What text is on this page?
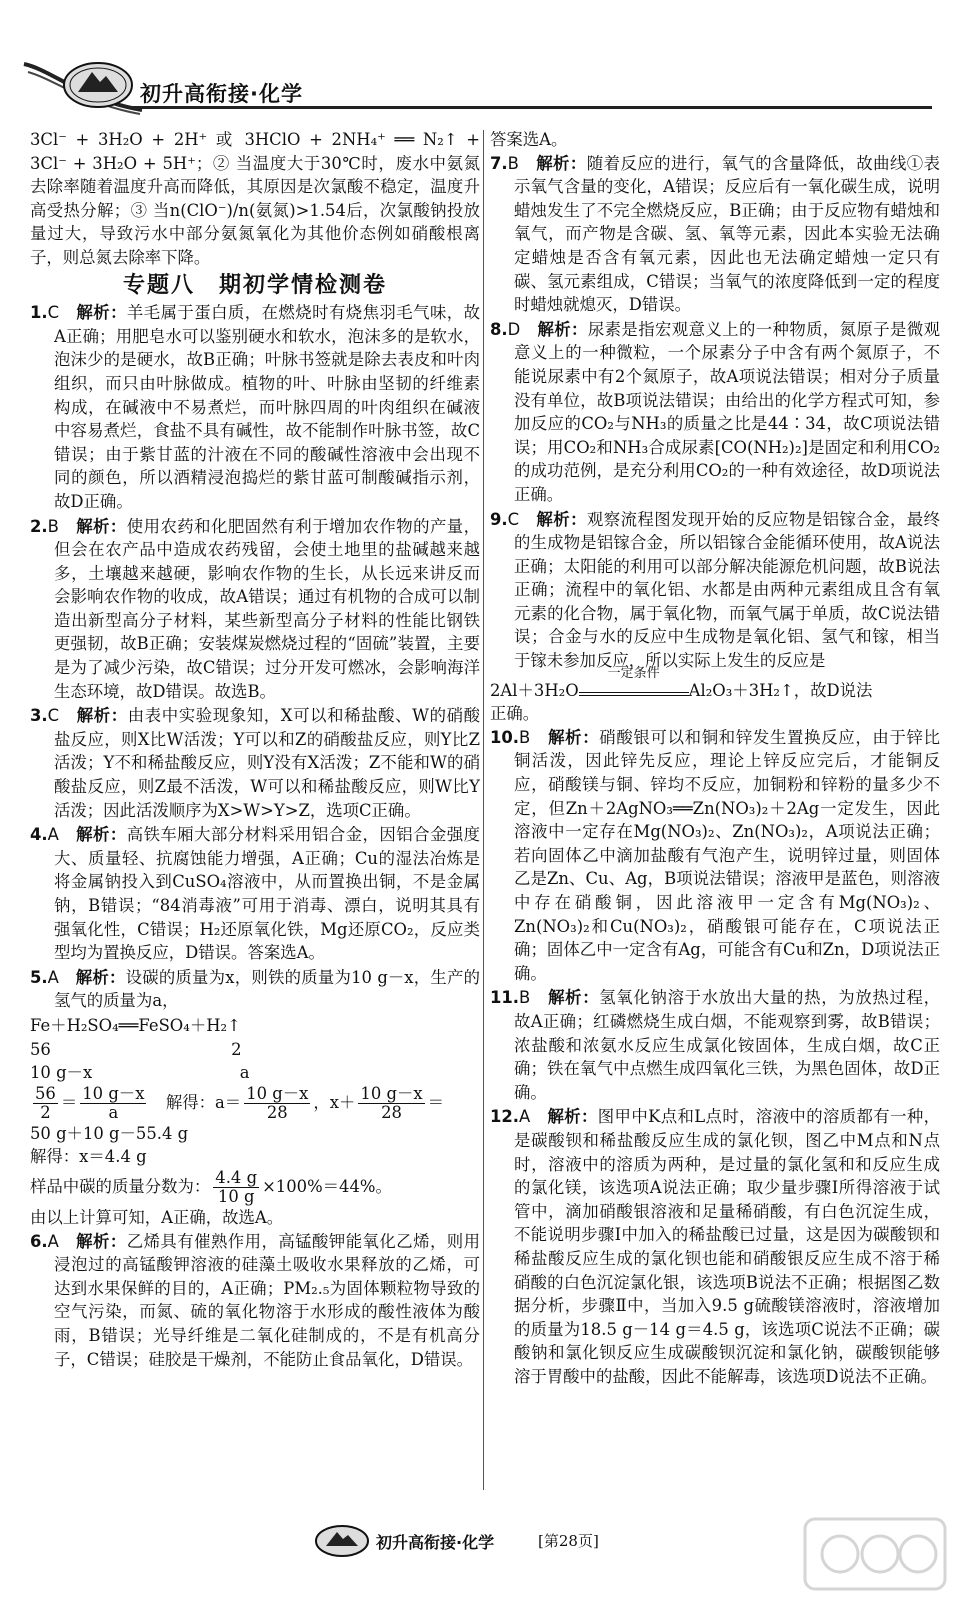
初升高衔接·化学

3Cl⁻ + 3H₂O + 2H⁺ 或 3HClO + 2NH₄⁺ ══ N₂↑ + 3Cl⁻ + 3H₂O + 5H⁺；② 当温度大于30℃时，废水中氨氮去除率随着温度升高而降低，其原因是次氯酸不稳定，温度升高受热分解；③ 当n(ClO⁻)/n(氨氮)>1.54后，次氯酸钠投放量过大，导致污水中部分氨氮氧化为其他价态例如硝酸根离子，则总氮去除率下降。

专题八　期初学情检测卷
1.C　 解析：羊毛属于蛋白质，在燃烧时有烧焦羽毛气味，故A正确；用肥皂水可以鉴别硬水和软水，泡沫多的是软水，泡沫少的是硬水，故B正确；叶脉书签就是除去表皮和叶肉组织，而只由叶脉做成。植物的叶、叶脉由坚韧的纤维素构成，在碱液中不易煮烂，而叶脉四周的叶肉组织在碱液中容易煮烂，食盐不具有碱性，故不能制作叶脉书签，故C错误；由于紫甘蓝的汁液在不同的酸碱性溶液中会出现不同的颜色，所以酒精浸泡捣烂的紫甘蓝可制酸碱指示剂，故D正确。
2.B　 解析：使用农药和化肥固然有利于增加农作物的产量，但会在农产品中造成农药残留，会使土地里的盐碱越来越多，土壤越来越硬，影响农作物的生长，从长远来讲反而会影响农作物的收成，故A错误；通过有机物的合成可以制造出新型高分子材料，某些新型高分子材料的性能比钢铁更强韧，故B正确；安装煤炭燃烧过程的“固硫”装置，主要是为了减少污染，故C错误；过分开发可燃冰，会影响海洋生态环境，故D错误。故选B。
3.C　 解析：由表中实验现象知，X可以和稀盐酸、W的硝酸盐反应，则X比W活泼；Y可以和Z的硝酸盐反应，则Y比Z活泼；Y不和稀盐酸反应，则Y没有X活泼；Z不能和W的硝酸盐反应，则Z最不活泼，W可以和稀盐酸反应，则W比Y活泼；因此活泼顺序为X>W>Y>Z，选项C正确。
4.A　 解析：高铁车厢大部分材料采用铝合金，因铝合金强度大、质量轻、抗腐蚀能力增强，A正确；Cu的湿法冶炼是将金属钠投入到CuSO₄溶液中，从而置换出铜，不是金属钠，B错误；“84消毒液”可用于消毒、漂白，说明其具有强氧化性，C错误；H₂还原氧化铁，Mg还原CO₂，反应类型均为置换反应，D错误。答案选A。
5.A　 解析：设碳的质量为x，则铁的质量为10 g－x，生产的氢气的质量为a，

Fe＋H₂SO₄══FeSO₄＋H₂↑

56　　　　　　　　　　　2

10 g－x　　　　　　　　　a

$\frac{56}{2} = \frac{10 g-x}{a}$ 　解得：$a= \frac{10 g-x}{28}$ ，$x+ \frac{10 g-x}{28}$ ＝

50 g＋10 g－55.4 g

解得：x＝4.4 g

样品中碳的质量分数为： $\frac{4.4 g}{10 g} \times 100\%=44\%$。

由以上计算可知，A正确，故选A。

6.A　 解析：乙烯具有催熟作用，高锰酸钾能氧化乙烯，则用浸泡过的高锰酸钾溶液的硅藻土吸收水果释放的乙烯，可达到水果保鲜的目的，A正确；PM₂.₅为固体颗粒物导致的空气污染，而氮、硫的氧化物溶于水形成的酸性液体为酸雨，B错误；光导纤维是二氧化硅制成的，不是有机高分子，C错误；硅胶是干燥剂，不能防止食品氧化，D错误。

答案选A。

7.B　 解析：随着反应的进行，氧气的含量降低，故曲线①表示氧气含量的变化，A错误；反应后有一氧化碳生成，说明蜡烛发生了不完全燃烧反应，B正确；由于反应物有蜡烛和氧气，而产物是含碳、氢、氧等元素，因此本实验无法确定蜡烛是否含有氧元素，因此也无法确定蜡烛一定只有碳、氢元素组成，C错误；当氧气的浓度降低到一定的程度时蜡烛就熄灭，D错误。
8.D　 解析：尿素是指宏观意义上的一种物质，氮原子是微观意义上的一种微粒，一个尿素分子中含有两个氮原子，不能说尿素中有2个氮原子，故A项说法错误；相对分子质量没有单位，故B项说法错误；由给出的化学方程式可知，参加反应的CO₂与NH₃的质量之比是44∶34，故C项说法错误；用CO₂和NH₃合成尿素[CO(NH₂)₂]是固定和利用CO₂的成功范例，是充分利用CO₂的一种有效途径，故D项说法正确。
9.C　 解析：观察流程图发现开始的反应物是铝镓合金，最终的生成物是铝镓合金，所以铝镓合金能循环使用，故A说法正确；太阳能的利用可以部分解决能源危机问题，故B说法正确；流程中的氧化铝、水都是由两种元素组成且含有氧元素的化合物，属于氧化物，而氧气属于单质，故C说法错误；合金与水的反应中生成物是氧化铝、氢气和镓，相当于镓未参加反应，所以实际上发生的反应是

2Al＋3H₂O
一定条件
Al₂O₃＋3H₂↑，故D说法

正确。

10.B　 解析：硝酸银可以和铜和锌发生置换反应，由于锌比铜活泼，因此锌先反应，理论上锌反应完后，才能铜反应，硝酸镁与铜、锌均不反应，加铜粉和锌粉的量多少不定，但Zn＋2AgNO₃══Zn(NO₃)₂＋2Ag一定发生，因此溶液中一定存在Mg(NO₃)₂、Zn(NO₃)₂，A项说法正确；若向固体乙中滴加盐酸有气泡产生，说明锌过量，则固体乙是Zn、Cu、Ag，B项说法错误；溶液甲是蓝色，则溶液中存在硝酸铜，因此溶液甲一定含有Mg(NO₃)₂、Zn(NO₃)₂和Cu(NO₃)₂，硝酸银可能存在，C项说法正确；固体乙中一定含有Ag，可能含有Cu和Zn，D项说法正确。
11.B　 解析：氢氧化钠溶于水放出大量的热，为放热过程，故A正确；红磷燃烧生成白烟，不能观察到雾，故B错误；浓盐酸和浓氨水反应生成氯化铵固体，生成白烟，故C正确；铁在氧气中点燃生成四氧化三铁，为黑色固体，故D正确。
12.A　 解析：图甲中K点和L点时，溶液中的溶质都有一种，是碳酸钡和稀盐酸反应生成的氯化钡，图乙中M点和N点时，溶液中的溶质为两种，是过量的氯化氢和和反应生成的氯化镁，该选项A说法正确；取少量步骤Ⅰ所得溶液于试管中，滴加硝酸银溶液和足量稀硝酸，有白色沉淀生成，不能说明步骤Ⅰ中加入的稀盐酸已过量，这是因为碳酸钡和稀盐酸反应生成的氯化钡也能和硝酸银反应生成不溶于稀硝酸的白色沉淀氯化银，该选项B说法不正确；根据图乙数据分析，步骤Ⅱ中，当加入9.5 g硫酸镁溶液时，溶液增加的质量为18.5 g－14 g＝4.5 g，该选项C说法不正确；碳酸钠和氯化钡反应生成碳酸钡沉淀和氯化钠，碳酸钡能够溶于胃酸中的盐酸，因此不能解毒，该选项D说法不正确。
初升高衔接·化学	[第28页]
